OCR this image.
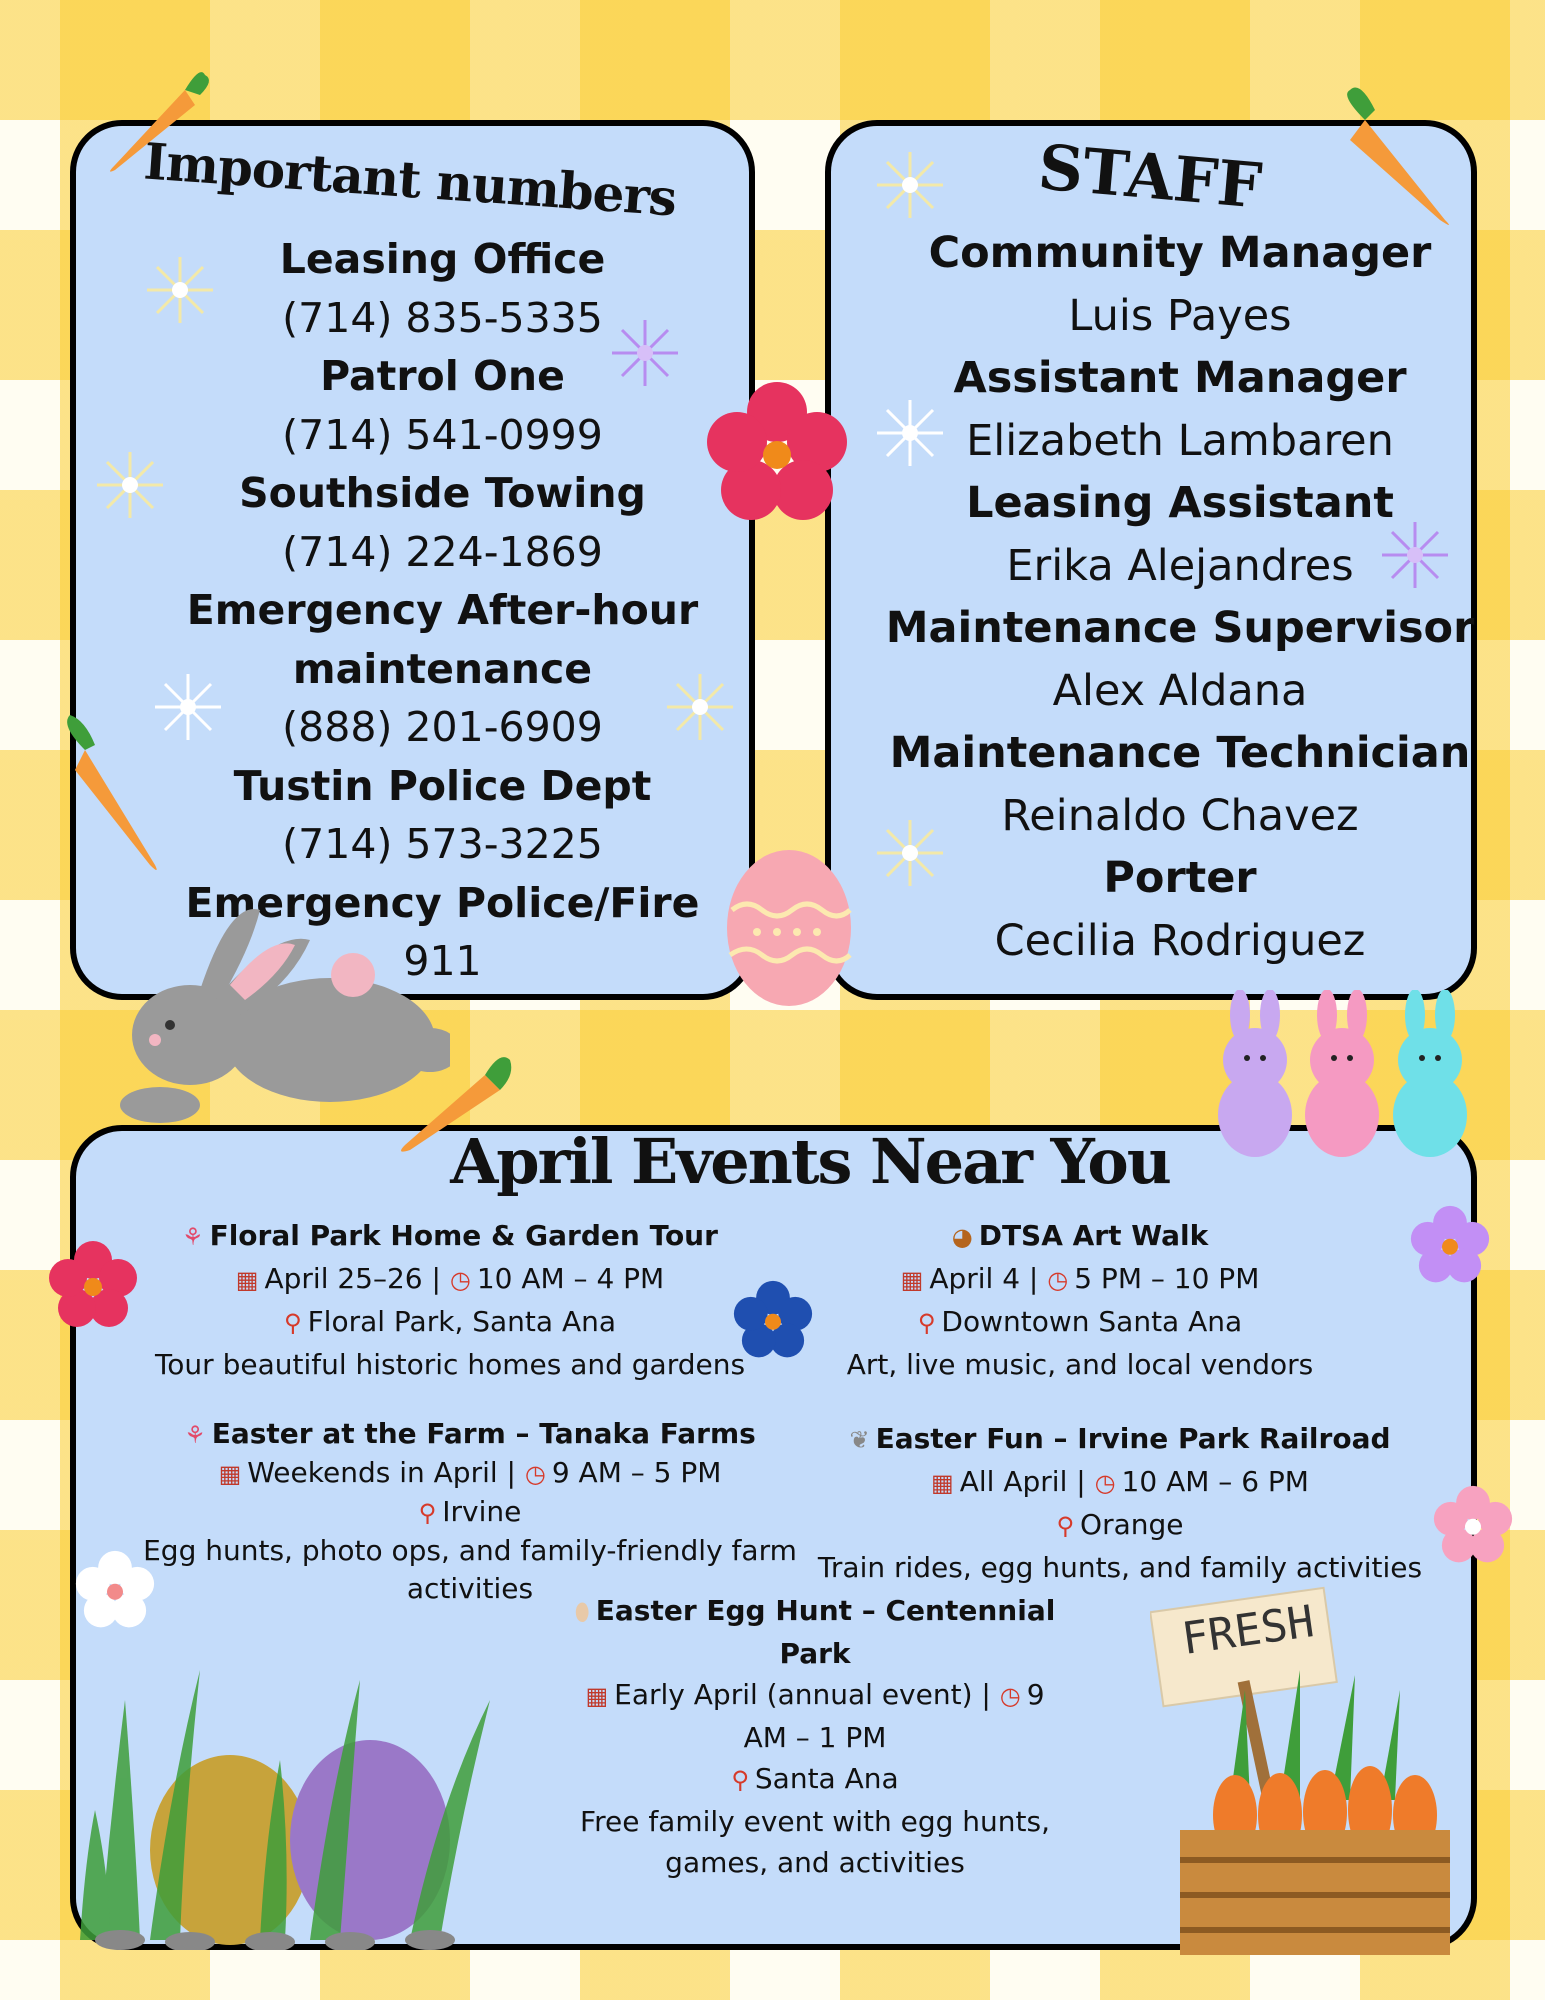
Important numbers	STAFF
April Events Near You
Leasing Office
(714) 835-5335
Patrol One
(714) 541-0999
Southside Towing
(714) 224-1869
Emergency After-hour maintenance
(888) 201-6909
Tustin Police Dept
(714) 573-3225
Emergency Police/Fire
911
Community Manager
Luis Payes
Assistant Manager
Elizabeth Lambaren
Leasing Assistant
Erika Alejandres
Maintenance Supervisor
Alex Aldana
Maintenance Technician
Reinaldo Chavez
Porter
Cecilia Rodriguez
⚘ Floral Park Home & Garden Tour
▦ April 25–26 | ◷ 10 AM – 4 PM
⚲ Floral Park, Santa Ana
Tour beautiful historic homes and gardens
◕ DTSA Art Walk
▦ April 4 | ◷ 5 PM – 10 PM
⚲ Downtown Santa Ana
Art, live music, and local vendors
⚘ Easter at the Farm – Tanaka Farms
▦ Weekends in April | ◷ 9 AM – 5 PM
⚲ Irvine
Egg hunts, photo ops, and family-friendly farm activities
❦ Easter Fun – Irvine Park Railroad
▦ All April | ◷ 10 AM – 6 PM
⚲ Orange
Train rides, egg hunts, and family activities
⬮ Easter Egg Hunt – Centennial Park
▦ Early April (annual event) | ◷ 9 AM – 1 PM
⚲ Santa Ana
Free family event with egg hunts, games, and activities
FRESH
